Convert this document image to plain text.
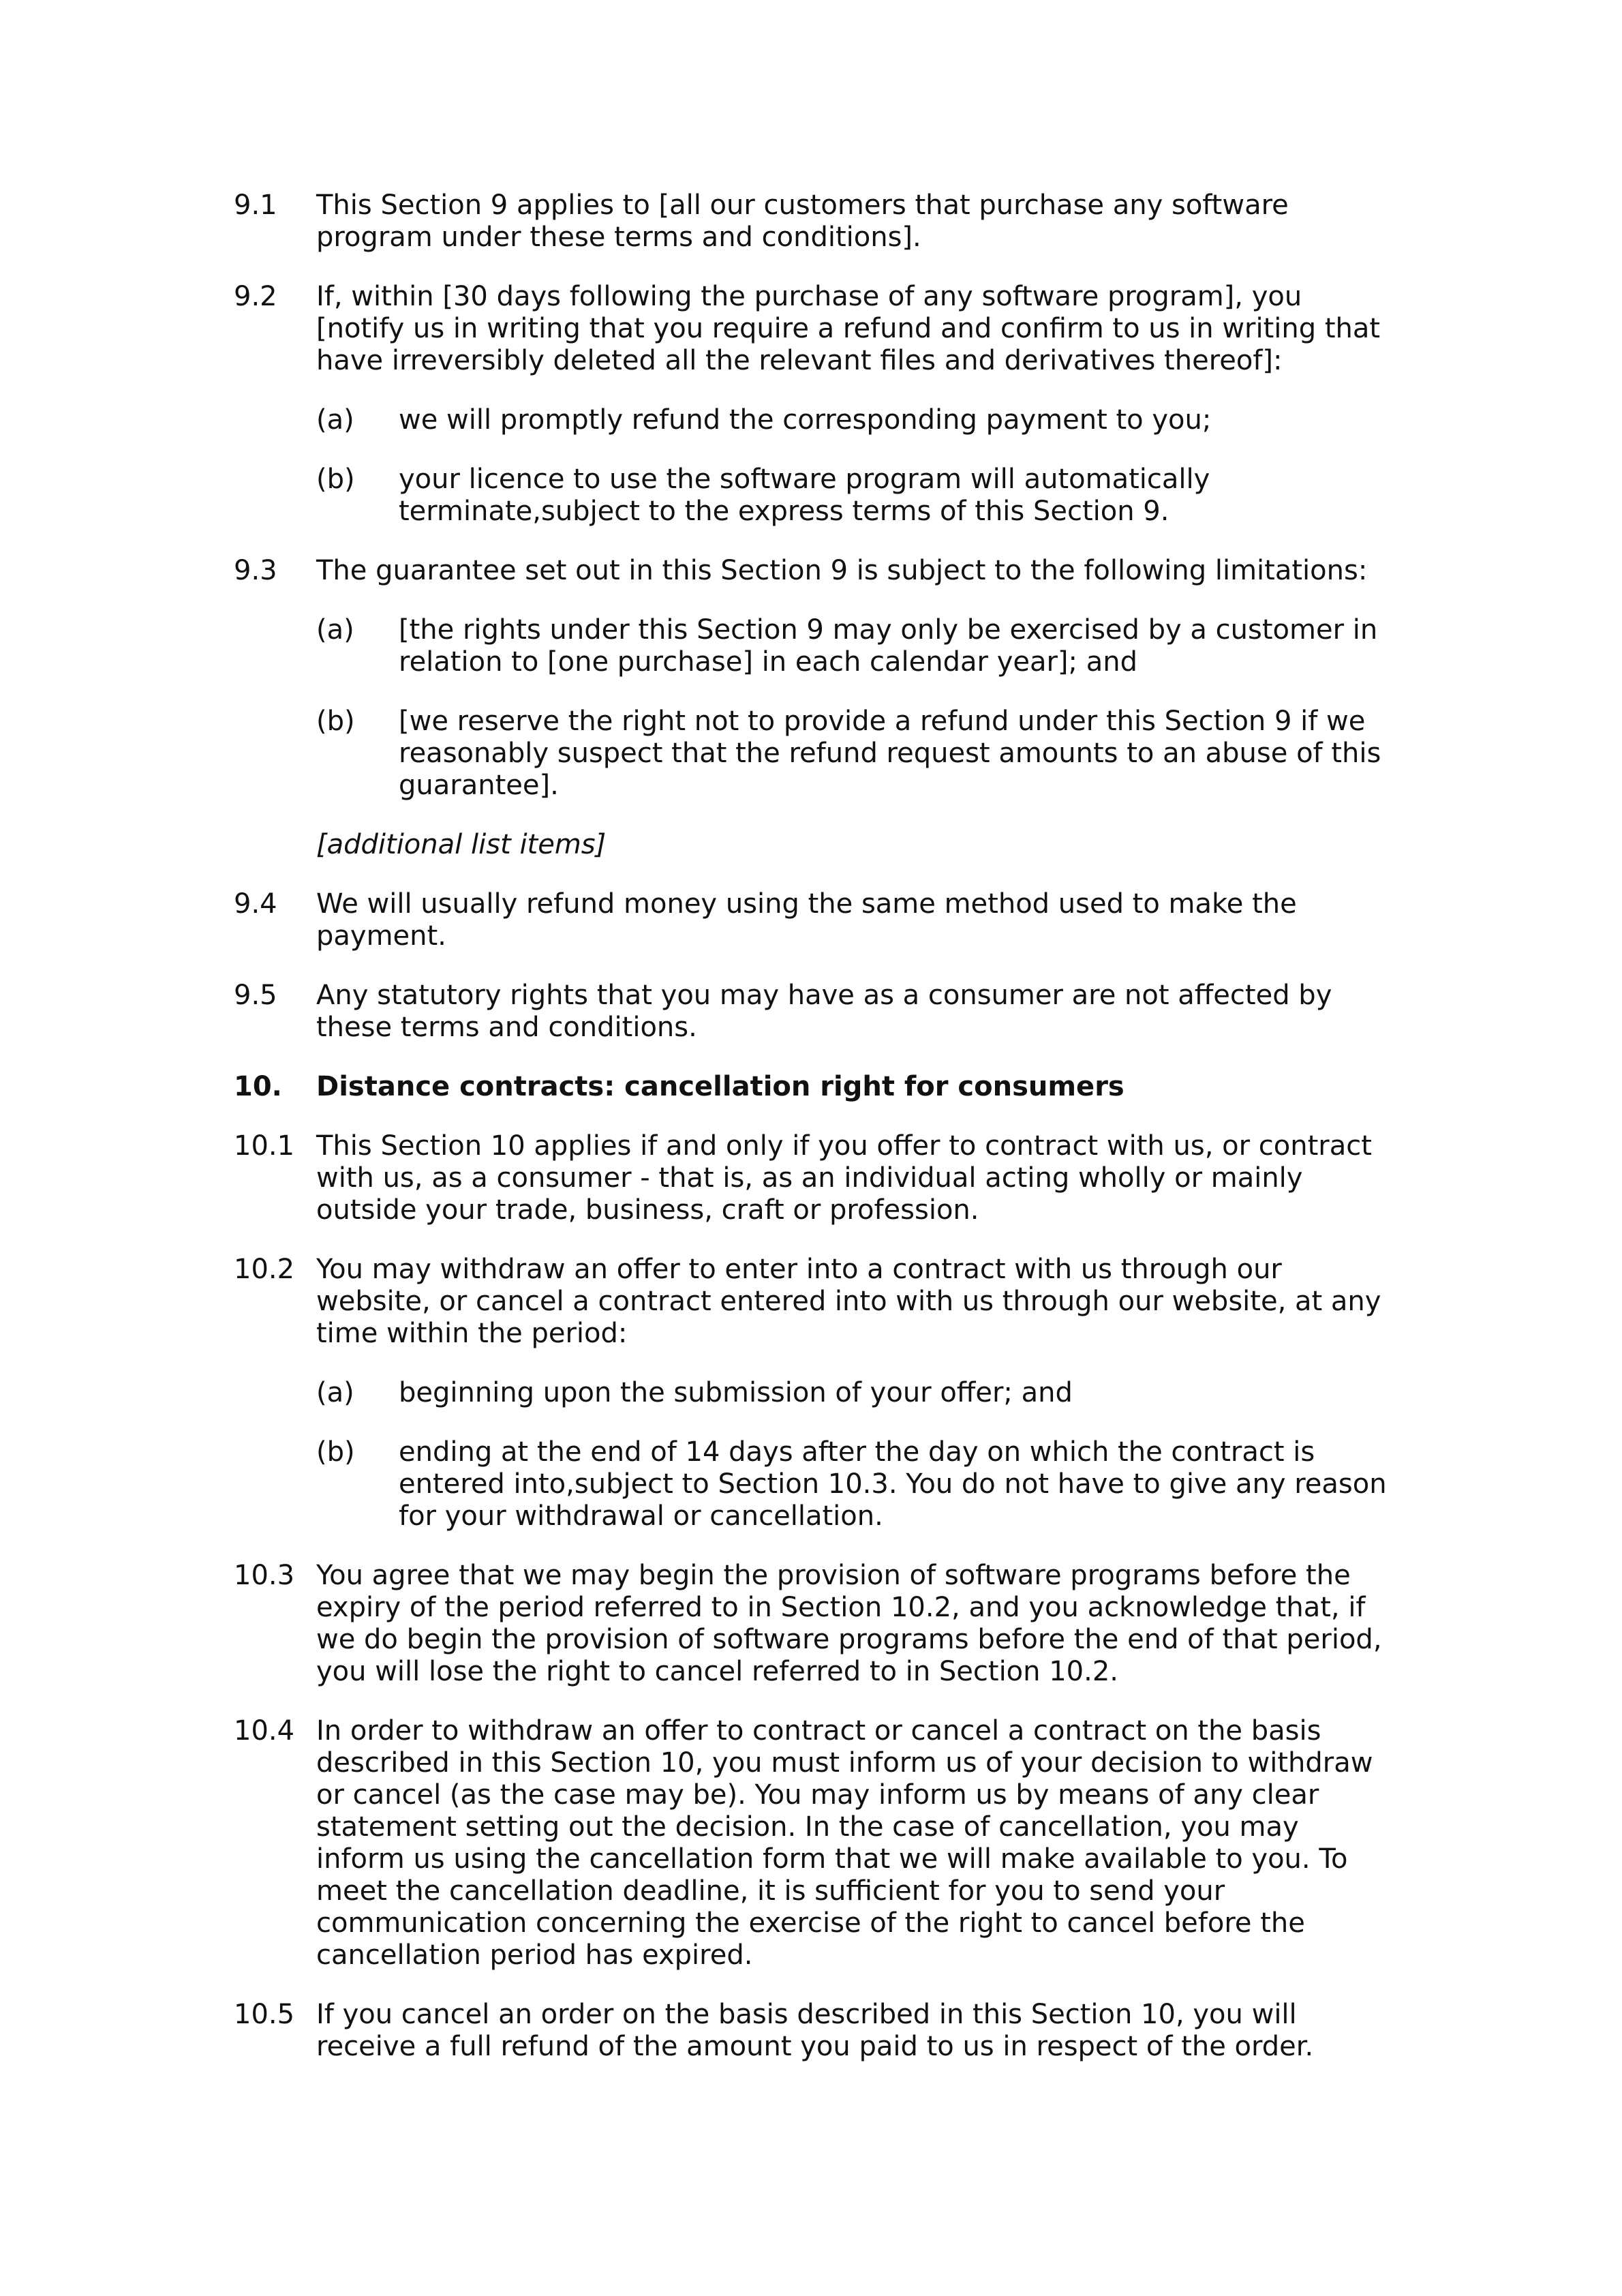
9.1	This Section 9 applies to [all our customers that purchase any software program under these terms and conditions].
9.2	If, within [30 days following the purchase of any software program], you [notify us in writing that you require a refund and confirm to us in writing that have irreversibly deleted all the relevant files and derivatives thereof]:
(a)	we will promptly refund the corresponding payment to you;
(b)	your licence to use the software program will automatically terminate,subject to the express terms of this Section 9.
9.3	The guarantee set out in this Section 9 is subject to the following limitations:
(a)	[the rights under this Section 9 may only be exercised by a customer in relation to [one purchase] in each calendar year]; and
(b)	[we reserve the right not to provide a refund under this Section 9 if we reasonably suspect that the refund request amounts to an abuse of this guarantee].
[additional list items]
9.4	We will usually refund money using the same method used to make the payment.
9.5	Any statutory rights that you may have as a consumer are not affected by these terms and conditions.
10.	Distance contracts: cancellation right for consumers
10.1 This Section 10 applies if and only if you offer to contract with us, or contract with us, as a consumer - that is, as an individual acting wholly or mainly outside your trade, business, craft or profession.
10.2 You may withdraw an offer to enter into a contract with us through our website, or cancel a contract entered into with us through our website, at any time within the period:
(a)	beginning upon the submission of your offer; and
(b)	ending at the end of 14 days after the day on which the contract is entered into,subject to Section 10.3. You do not have to give any reason for your withdrawal or cancellation.
10.3 You agree that we may begin the provision of software programs before the expiry of the period referred to in Section 10.2, and you acknowledge that, if we do begin the provision of software programs before the end of that period, you will lose the right to cancel referred to in Section 10.2.
10.4 In order to withdraw an offer to contract or cancel a contract on the basis described in this Section 10, you must inform us of your decision to withdraw or cancel (as the case may be). You may inform us by means of any clear statement setting out the decision. In the case of cancellation, you may inform us using the cancellation form that we will make available to you. To meet the cancellation deadline, it is sufficient for you to send your communication concerning the exercise of the right to cancel before the cancellation period has expired.
10.5 If you cancel an order on the basis described in this Section 10, you will receive a full refund of the amount you paid to us in respect of the order.
